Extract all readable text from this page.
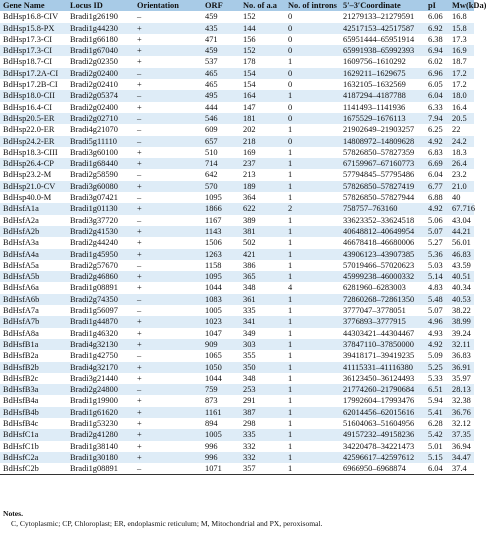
Gene Name	Locus ID	Orientation	ORF	No. of a.a	No. of introns	5′–3′Coordinate	pI	Mw(kDa)
BdHsp16.8-CIV	Bradi1g26190	–	459	152	0	21279133–21279591	6.06	16.8
BdHsp15.8-PX	Bradi1g44230	+	435	144	0	42517153–42517587	6.92	15.8
BdHsp17.3-CI	Bradi1g66180	+	471	156	0	65951444–65951914	6.38	17.3
BdHsp17.3-CI	Bradi1g67040	+	459	152	0	65991938–65992393	6.94	16.9
BdHsp18.7-CI	Bradi2g02350	+	537	178	1	1609756–1610292	6.02	18.7
BdHsp17.2A-CI	Bradi2g02400	–	465	154	0	1629211–1629675	6.96	17.2
BdHsp17.2B-CI	Bradi2g02410	+	465	154	0	1632105–1632569	6.05	17.2
BdHsp18.0-CII	Bradi2g05374	–	495	164	1	4187294–4187788	6.04	18.0
BdHsp16.4-CI	Bradi2g02400	+	444	147	0	1141493–1141936	6.33	16.4
BdHsp20.5-ER	Bradi2g02710	–	546	181	0	1675529–1676113	7.94	20.5
BdHsp22.0-ER	Bradi4g21070	–	609	202	1	21902649–21903257	6.25	22
BdHsp24.2-ER	Bradi5g11110	–	657	218	0	14808972–14809628	4.92	24.2
BdHsp18.3-CIII	Bradi3g60100	+	510	169	1	57826850–57827359	6.83	18.3
BdHsp26.4-CP	Bradi1g68440	+	714	237	1	67159967–67160773	6.69	26.4
BdHsp23.2-M	Bradi2g58590	–	642	213	1	57794845–57795486	6.04	23.2
BdHsp21.0-CV	Bradi3g60080	+	570	189	1	57826850–57827419	6.77	21.0
BdHsp40.0-M	Bradi3g07421	–	1095	364	1	57826850–57827944	6.88	40
BdHsfA1a	Bradi1g01130	+	1866	622	2	758757–763160	4.92	67.716
BdHsfA2a	Bradi3g37720	–	1167	389	1	33623352–33624518	5.06	43.04
BdHsfA2b	Bradi2g41530	+	1143	381	1	40648812–40649954	5.07	44.21
BdHsfA3a	Bradi2g44240	+	1506	502	1	46678418–46680006	5.27	56.01
BdHsfA4a	Bradi1g45950	+	1263	421	1	43906123–43907385	5.36	46.83
BdHsfA5a	Bradi2g57670	–	1158	386	1	57019466–57020623	5.03	43.59
BdHsfA5b	Bradi2g46860	+	1095	365	1	45999238–46000332	5.14	40.51
BdHsfA6a	Bradi1g08891	+	1044	348	4	6281960–6283003	4.83	40.34
BdHsfA6b	Bradi2g74350	–	1083	361	1	72860268–72861350	5.48	40.53
BdHsfA7a	Bradi1g56097	–	1005	335	1	3777047–3778051	5.07	38.22
BdHsfA7b	Bradi1g44870	+	1023	341	1	3776893–3777915	4.96	38.99
BdHsfA8a	Bradi1g46320	+	1047	349	1	44303421–44304467	4.93	39.24
BdHsfB1a	Bradi4g32130	+	909	303	1	37847110–37850000	4.92	32.11
BdHsfB2a	Bradi1g42750	–	1065	355	1	39418171–39419235	5.09	36.83
BdHsfB2b	Bradi4g32170	+	1050	350	1	41115331–41116380	5.25	36.91
BdHsfB2c	Bradi3g21440	+	1044	348	1	36123450–36124493	5.33	35.97
BdHsfB3a	Bradi2g24800	–	759	253	1	21774260–21790684	6.51	28.13
BdHsfB4a	Bradi1g19900	+	873	291	1	17992604–17993476	5.94	32.38
BdHsfB4b	Bradi1g61620	+	1161	387	1	62014456–62015616	5.41	36.76
BdHsfB4c	Bradi1g53230	+	894	298	1	51604063–51604956	6.28	32.12
BdHsfC1a	Bradi2g41280	+	1005	335	1	49157232–49158236	5.42	37.35
BdHsfC1b	Bradi1g38140	+	996	332	1	34220478–34221473	5.01	36.94
BdHsfC2a	Bradi1g30180	+	996	332	1	42596617–42597612	5.15	34.47
BdHsfC2b	Bradi1g08891	–	1071	357	1	6966950–6968874	6.04	37.4
Notes.
C, Cytoplasmic; CP, Chloroplast; ER, endoplasmic reticulum; M, Mitochondrial and PX, peroxisomal.
